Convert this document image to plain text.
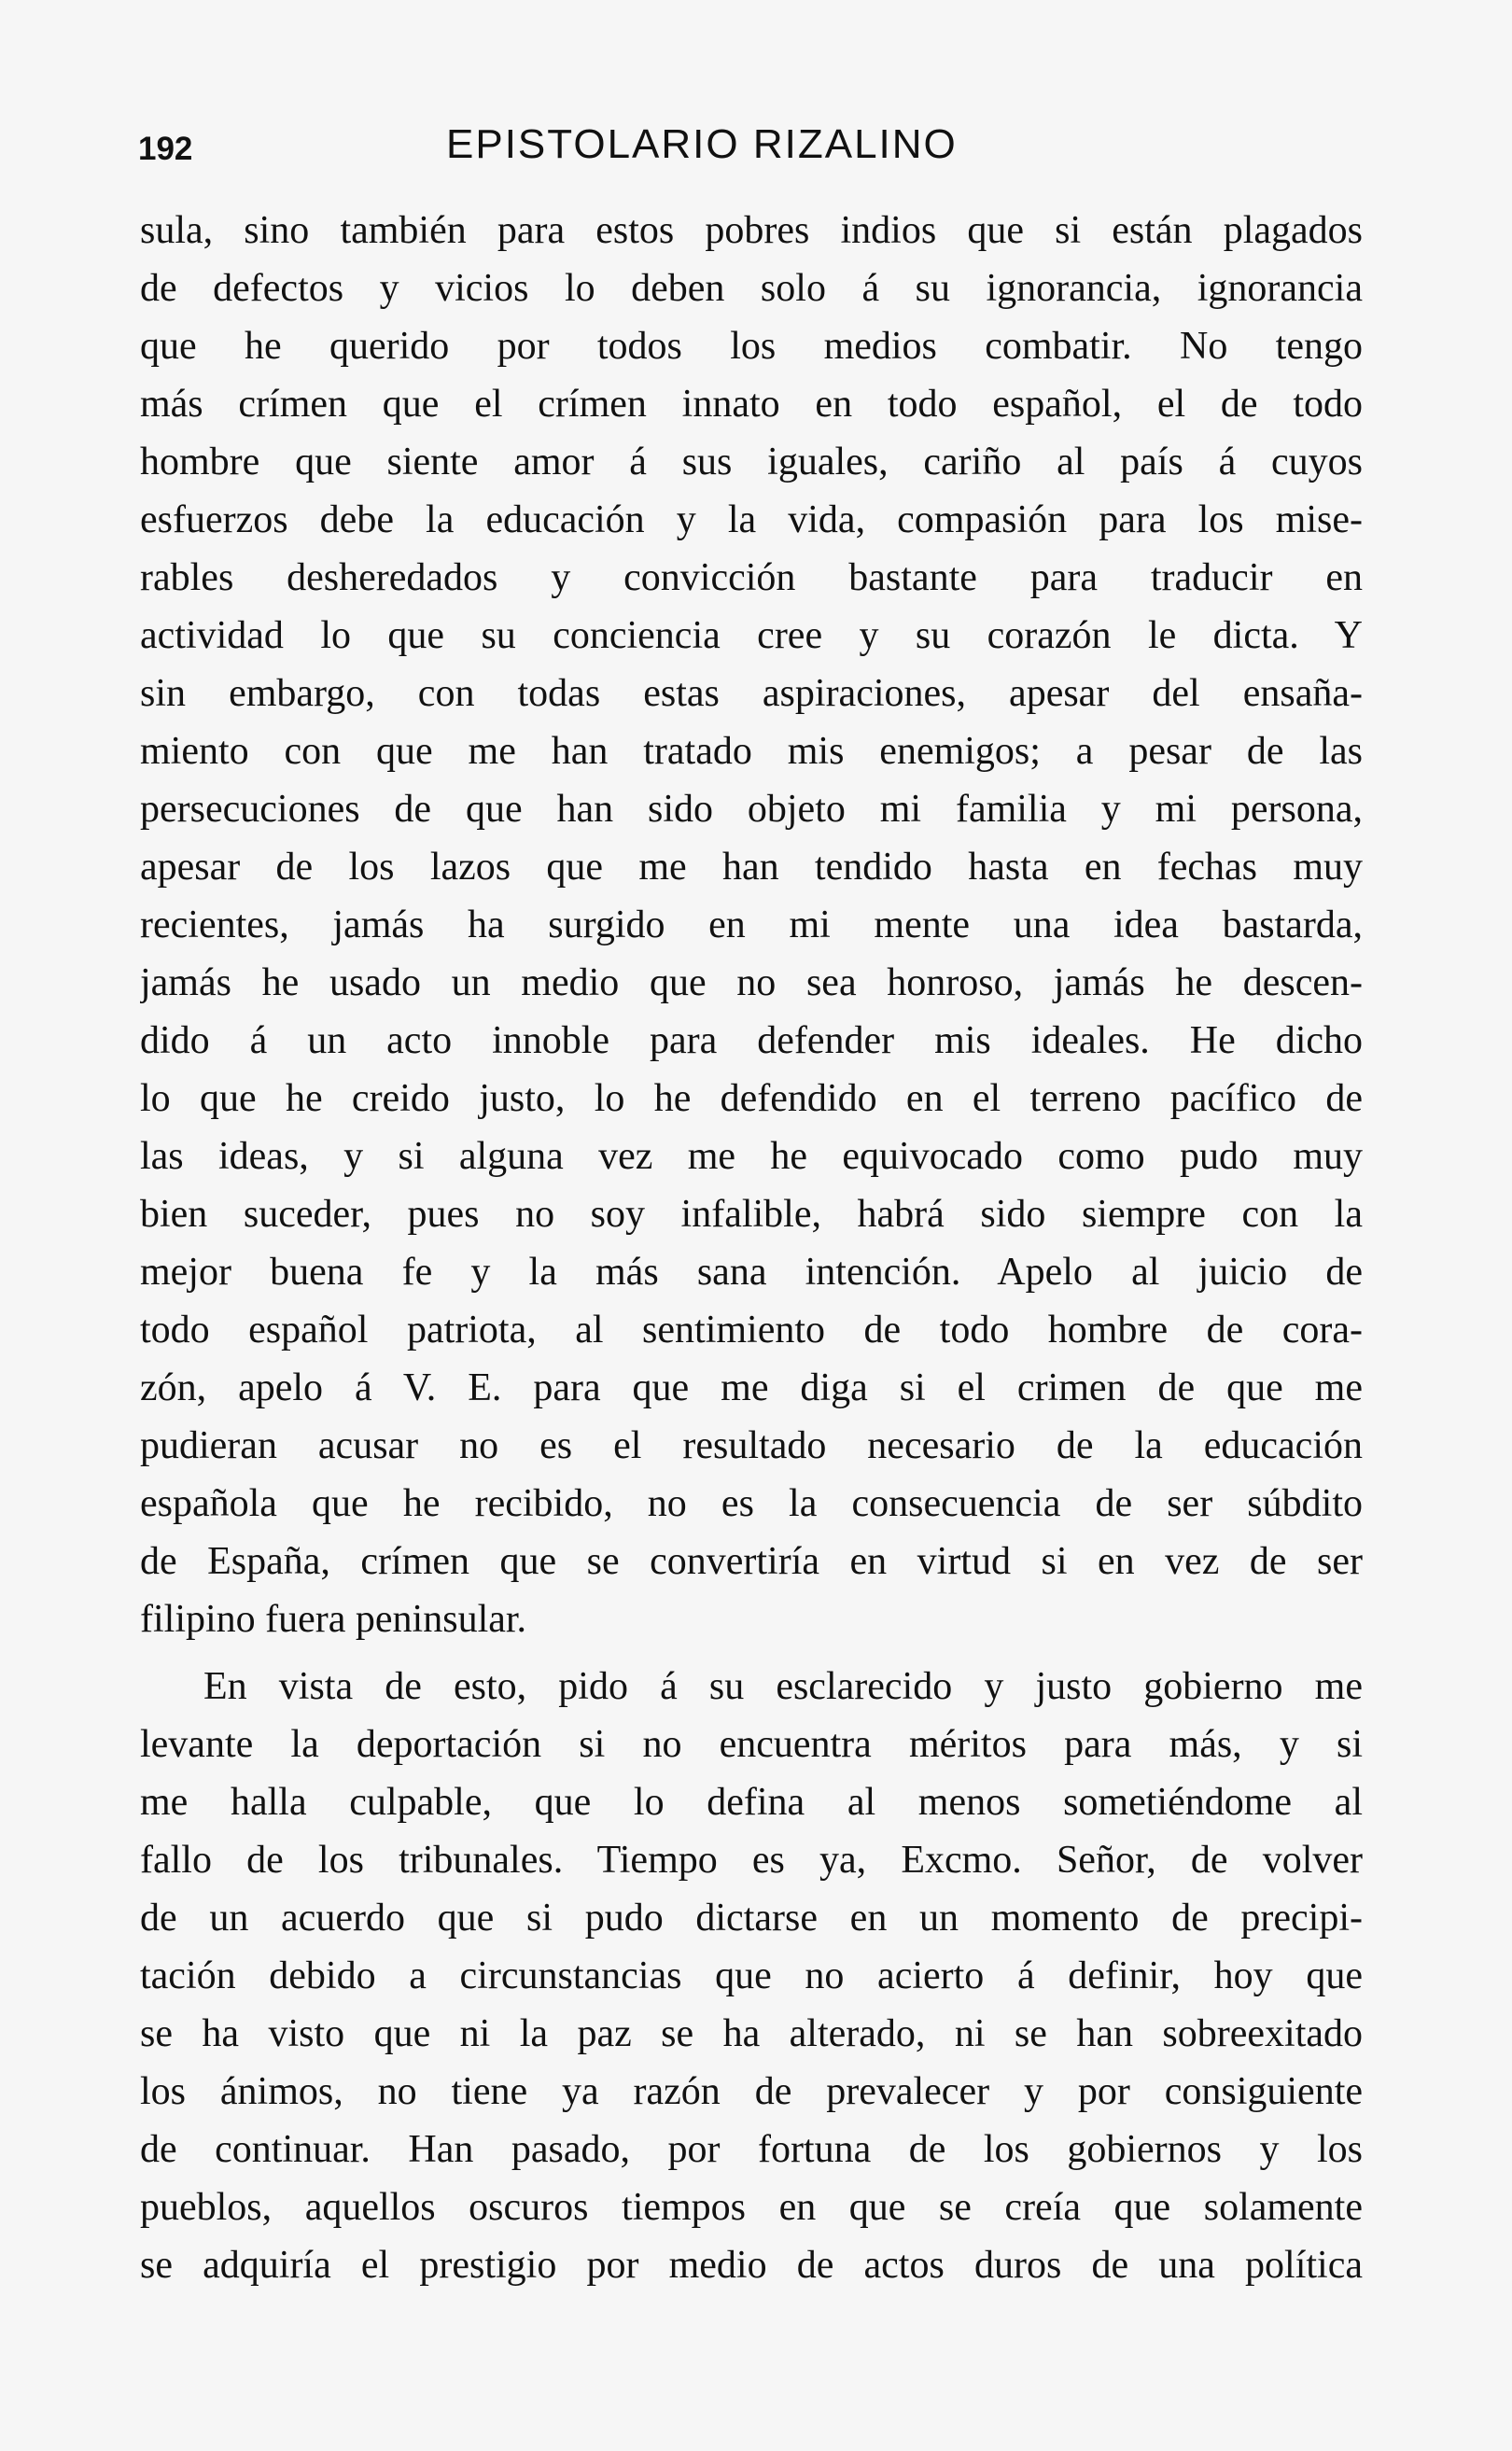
192	EPISTOLARIO RIZALINO
sula, sino también para estos pobres indios que si están plagados
de defectos y vicios lo deben solo á su ignorancia, ignorancia
que he querido por todos los medios combatir. No tengo
más crímen que el crímen innato en todo español, el de todo
hombre que siente amor á sus iguales, cariño al país á cuyos
esfuerzos debe la educación y la vida, compasión para los mise-
rables desheredados y convicción bastante para traducir en
actividad lo que su conciencia cree y su corazón le dicta. Y
sin embargo, con todas estas aspiraciones, apesar del ensaña-
miento con que me han tratado mis enemigos; a pesar de las
persecuciones de que han sido objeto mi familia y mi persona,
apesar de los lazos que me han tendido hasta en fechas muy
recientes, jamás ha surgido en mi mente una idea bastarda,
jamás he usado un medio que no sea honroso, jamás he descen-
dido á un acto innoble para defender mis ideales. He dicho
lo que he creido justo, lo he defendido en el terreno pacífico de
las ideas, y si alguna vez me he equivocado como pudo muy
bien suceder, pues no soy infalible, habrá sido siempre con la
mejor buena fe y la más sana intención. Apelo al juicio de
todo español patriota, al sentimiento de todo hombre de cora-
zón, apelo á V. E. para que me diga si el crimen de que me
pudieran acusar no es el resultado necesario de la educación
española que he recibido, no es la consecuencia de ser súbdito
de España, crímen que se convertiría en virtud si en vez de ser
filipino fuera peninsular.
En vista de esto, pido á su esclarecido y justo gobierno me
levante la deportación si no encuentra méritos para más, y si
me halla culpable, que lo defina al menos sometiéndome al
fallo de los tribunales. Tiempo es ya, Excmo. Señor, de volver
de un acuerdo que si pudo dictarse en un momento de precipi-
tación debido a circunstancias que no acierto á definir, hoy que
se ha visto que ni la paz se ha alterado, ni se han sobreexitado
los ánimos, no tiene ya razón de prevalecer y por consiguiente
de continuar. Han pasado, por fortuna de los gobiernos y los
pueblos, aquellos oscuros tiempos en que se creía que solamente
se adquiría el prestigio por medio de actos duros de una política
